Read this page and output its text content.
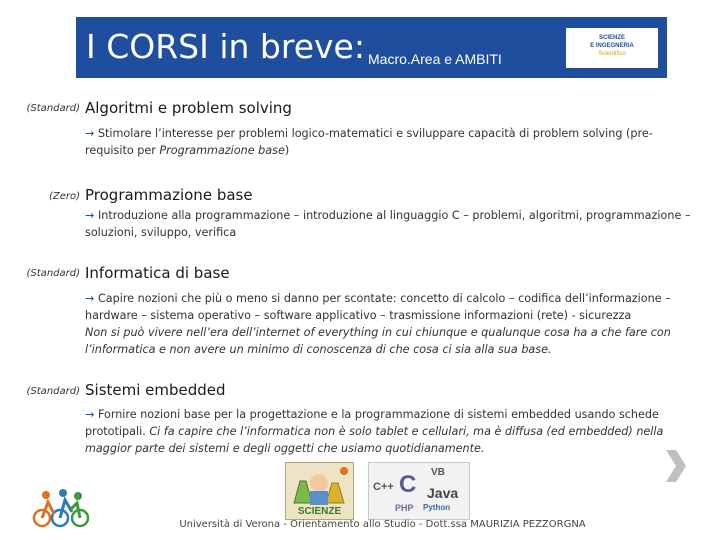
I CORSI in breve: Macro.Area e AMBITI
SCIENZE
E INGEGNERIA
Scientifico
(Standard) Algoritmi e problem solving
→ Stimolare l’interesse per problemi logico-matematici e sviluppare capacità di problem solving (pre-requisito per Programmazione base)
(Zero) Programmazione base
→ Introduzione alla programmazione – introduzione al linguaggio C – problemi, algoritmi, programmazione – soluzioni, sviluppo, verifica
(Standard) Informatica di base
→ Capire nozioni che più o meno si danno per scontate: concetto di calcolo – codifica dell’informazione – hardware – sistema operativo – software applicativo – trasmissione informazioni (rete) - sicurezza
Non si può vivere nell’era dell’internet of everything in cui chiunque e qualunque cosa ha a che fare con l’informatica e non avere un minimo di conoscenza di che cosa ci sia alla sua base.
(Standard) Sistemi embedded
→ Fornire nozioni base per la progettazione e la programmazione di sistemi embedded usando schede prototipali. Ci fa capire che l’informatica non è solo tablet e cellulari, ma è diffusa (ed embedded) nella maggior parte dei sistemi e degli oggetti che usiamo quotidianamente.
SCIENZE
C++ C
PHP
VB
Java
Python
Università di Verona - Orientamento allo Studio - Dott.ssa MAURIZIA PEZZORGNA
